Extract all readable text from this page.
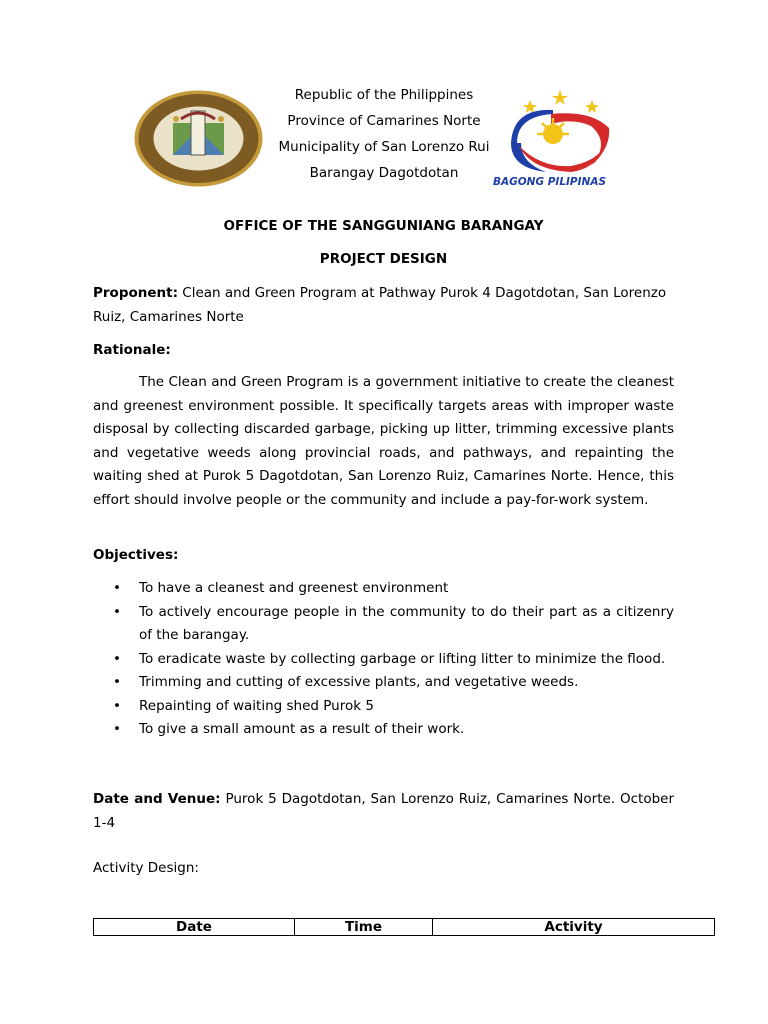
Republic of the Philippines
Province of Camarines Norte
Municipality of San Lorenzo Rui
Barangay Dagotdotan
BAGONG PILIPINAS
OFFICE OF THE SANGGUNIANG BARANGAY
PROJECT DESIGN
Proponent: Clean and Green Program at Pathway Purok 4 Dagotdotan, San Lorenzo Ruiz, Camarines Norte
Rationale:
The Clean and Green Program is a government initiative to create the cleanest and greenest environment possible. It specifically targets areas with improper waste disposal by collecting discarded garbage, picking up litter, trimming excessive plants and vegetative weeds along provincial roads, and pathways, and repainting the waiting shed at Purok 5 Dagotdotan, San Lorenzo Ruiz, Camarines Norte. Hence, this effort should involve people or the community and include a pay-for-work system.
Objectives:
• To have a cleanest and greenest environment
• To actively encourage people in the community to do their part as a citizenry of the barangay.
• To eradicate waste by collecting garbage or lifting litter to minimize the flood.
• Trimming and cutting of excessive plants, and vegetative weeds.
• Repainting of waiting shed Purok 5
• To give a small amount as a result of their work.
Date and Venue: Purok 5 Dagotdotan, San Lorenzo Ruiz, Camarines Norte. October 1-4
Activity Design:
Date	Time	Activity
